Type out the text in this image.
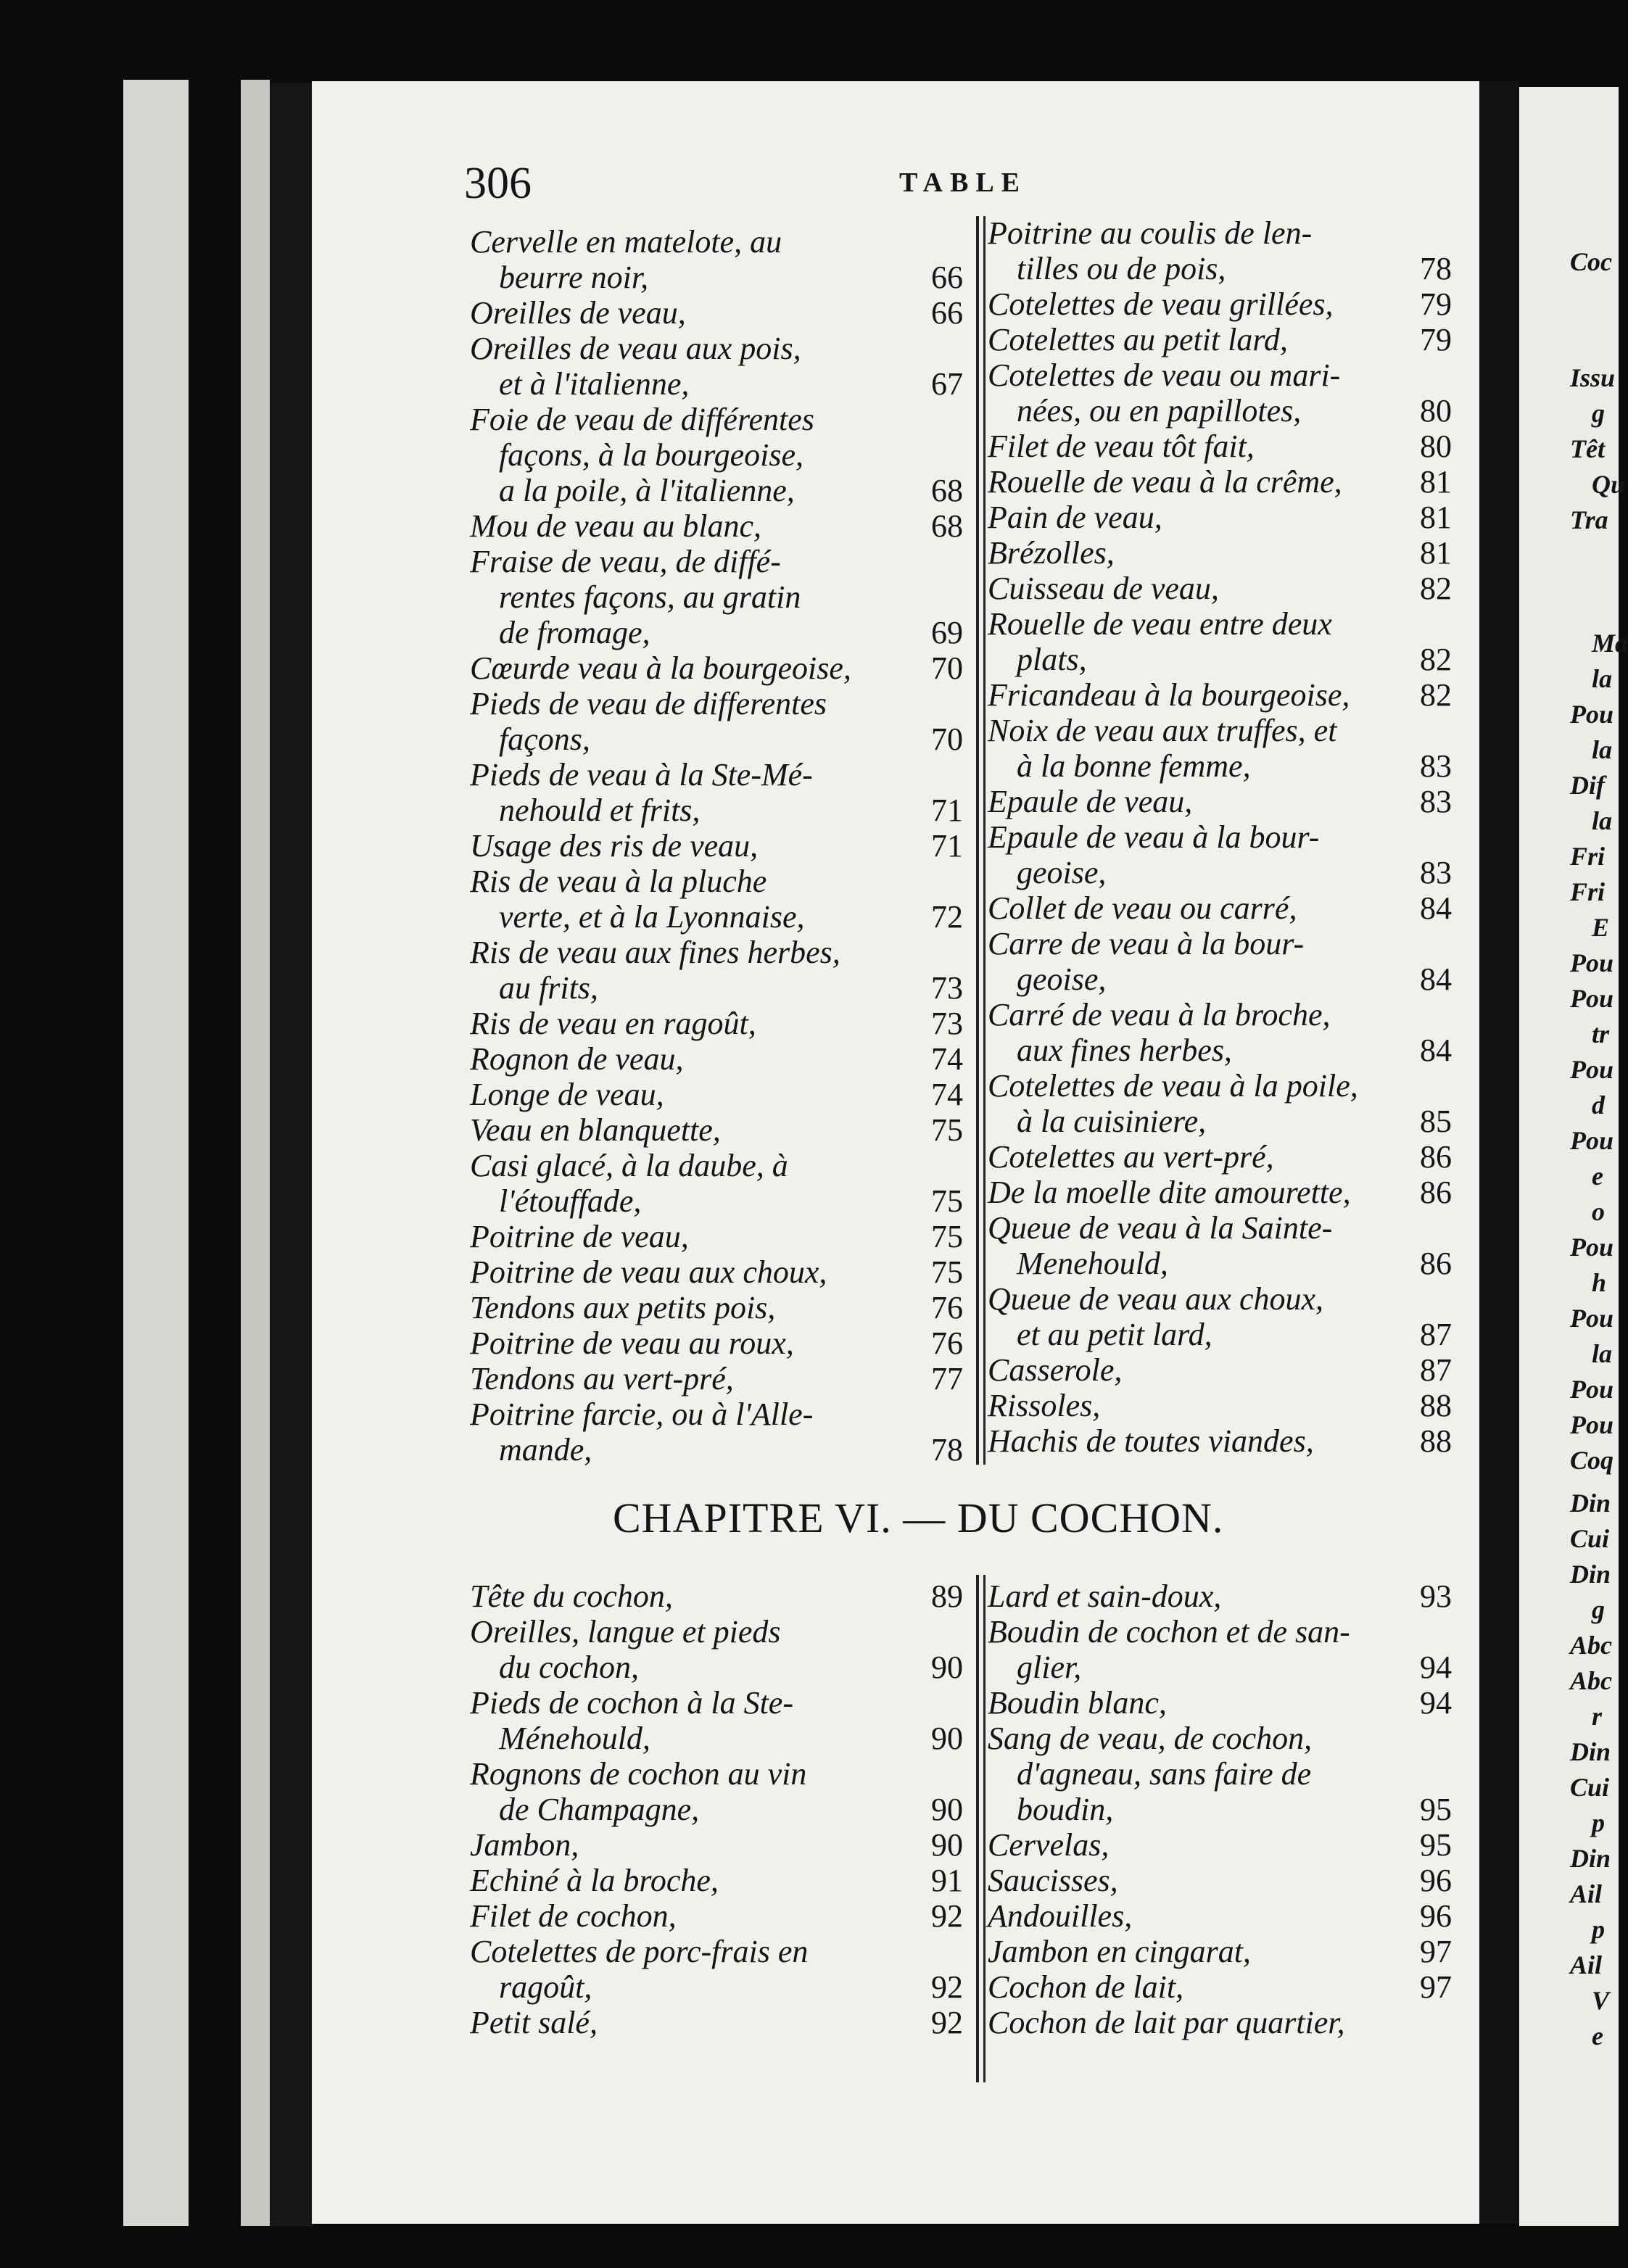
Coc
Issu
g
Têt
Qu
Tra
Ma
la
Pou
la
Dif
la
Fri
Fri
E
Pou
Pou
tr
Pou
d
Pou
e
o
Pou
h
Pou
la
Pou
Pou
Coq
Din
Cui
Din
g
Abc
Abc
r
Din
Cui
p
Din
Ail
p
Ail
V
e
306	TABLE
Cervelle en matelote, au
beurre noir,	66
Oreilles de veau,	66
Oreilles de veau aux pois,
et à l'italienne,	67
Foie de veau de différentes
façons, à la bourgeoise,
a la poile, à l'italienne,	68
Mou de veau au blanc,	68
Fraise de veau, de diffé-
rentes façons, au gratin
de fromage,	69
Cœurde veau à la bourgeoise,	70
Pieds de veau de differentes
façons,	70
Pieds de veau à la Ste-Mé-
nehould et frits,	71
Usage des ris de veau,	71
Ris de veau à la pluche
verte, et à la Lyonnaise,	72
Ris de veau aux fines herbes,
au frits,	73
Ris de veau en ragoût,	73
Rognon de veau,	74
Longe de veau,	74
Veau en blanquette,	75
Casi glacé, à la daube, à
l'étouffade,	75
Poitrine de veau,	75
Poitrine de veau aux choux,	75
Tendons aux petits pois,	76
Poitrine de veau au roux,	76
Tendons au vert-pré,	77
Poitrine farcie, ou à l'Alle-
mande,	78
Poitrine au coulis de len-
tilles ou de pois,	78
Cotelettes de veau grillées,	79
Cotelettes au petit lard,	79
Cotelettes de veau ou mari-
nées, ou en papillotes,	80
Filet de veau tôt fait,	80
Rouelle de veau à la crême, 81
Pain de veau,	81
Brézolles,	81
Cuisseau de veau,	82
Rouelle de veau entre deux
plats,	82
Fricandeau à la bourgeoise, 82
Noix de veau aux truffes, et
à la bonne femme,	83
Epaule de veau,	83
Epaule de veau à la bour-
geoise,	83
Collet de veau ou carré,	84
Carre de veau à la bour-
geoise,	84
Carré de veau à la broche,
aux fines herbes,	84
Cotelettes de veau à la poile,
à la cuisiniere,	85
Cotelettes au vert-pré,	86
De la moelle dite amourette, 86
Queue de veau à la Sainte-
Menehould,	86
Queue de veau aux choux,
et au petit lard,	87
Casserole,	87
Rissoles,	88
Hachis de toutes viandes,	88
CHAPITRE VI. — DU COCHON.
Tête du cochon,	89
Oreilles, langue et pieds
du cochon,	90
Pieds de cochon à la Ste-
Ménehould,	90
Rognons de cochon au vin
de Champagne,	90
Jambon,	90
Echiné à la broche,	91
Filet de cochon,	92
Cotelettes de porc-frais en
ragoût,	92
Petit salé,	92
Lard et sain-doux,	93
Boudin de cochon et de san-
glier,	94
Boudin blanc,	94
Sang de veau, de cochon,
d'agneau, sans faire de
boudin,	95
Cervelas,	95
Saucisses,	96
Andouilles,	96
Jambon en cingarat,	97
Cochon de lait,	97
Cochon de lait par quartier,
